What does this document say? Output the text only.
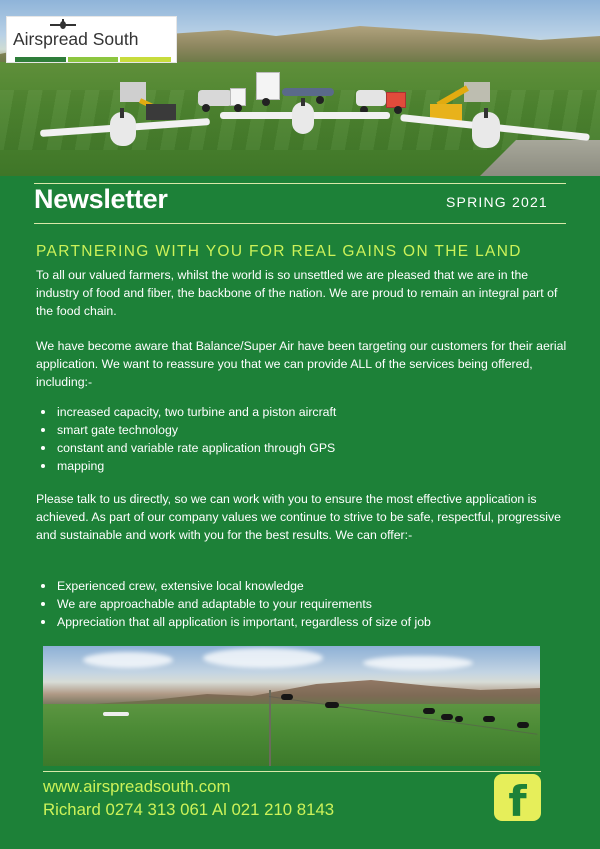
Airspread South
Newsletter	SPRING 2021
PARTNERING WITH YOU FOR REAL GAINS ON THE LAND

To all our valued farmers, whilst the world is so unsettled we are pleased that we are in the industry of food and fiber, the backbone of the nation. We are proud to remain an integral part of the food chain.

We have become aware that Balance/Super Air have been targeting our customers for their aerial application. We want to reassure you that we can provide ALL of the services being offered, including:-

increased capacity, two turbine and a piston aircraft
smart gate technology
constant and variable rate application through GPS
mapping

Please talk to us directly, so we can work with you to ensure the most effective application is achieved. As part of our company values we continue to strive to be safe, respectful, progressive and sustainable and work with you for the best results. We can offer:-

Experienced crew, extensive local knowledge
We are approachable and adaptable to your requirements
Appreciation that all application is important, regardless of size of job
www.airspreadsouth.com
Richard 0274 313 061 Al 021 210 8143	f
